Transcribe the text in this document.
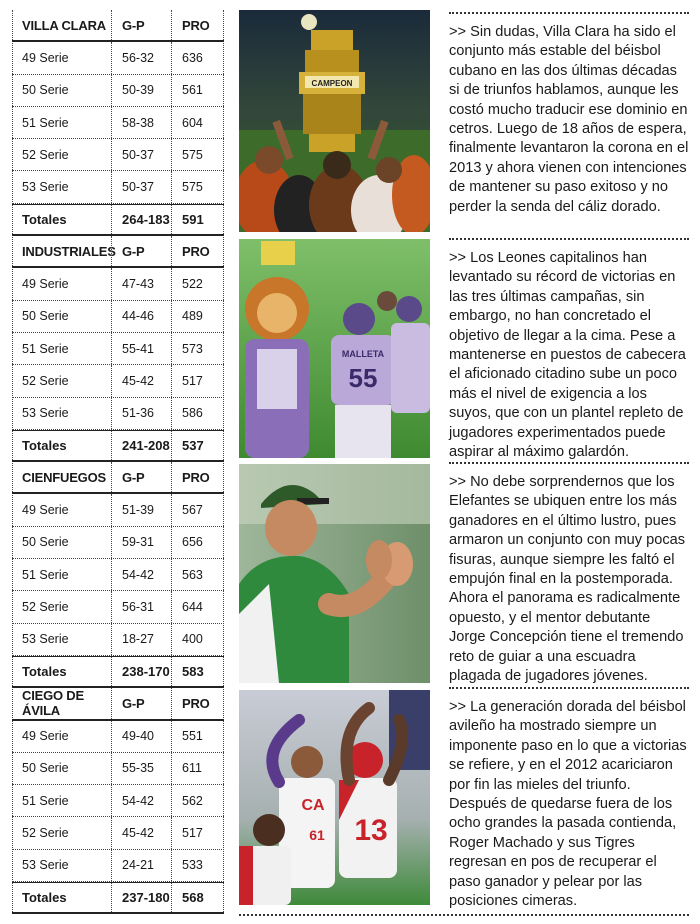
VILLA CLARA	G-P	PRO
49 Serie	56-32	636
50 Serie	50-39	561
51 Serie	58-38	604
52 Serie	50-37	575
53 Serie	50-37	575
Totales	264-183 591
INDUSTRIALES G-P	PRO
49 Serie	47-43	522
50 Serie	44-46	489
51 Serie	55-41	573
52 Serie	45-42	517
53 Serie	51-36	586
Totales	241-208 537
CIENFUEGOS	G-P	PRO
49 Serie	51-39	567
50 Serie	59-31	656
51 Serie	54-42	563
52 Serie	56-31	644
53 Serie	18-27	400
Totales	238-170 583
CIEGO DE ÁVILA	G-P	PRO
49 Serie	49-40	551
50 Serie	55-35	611
51 Serie	54-42	562
52 Serie	45-42	517
53 Serie	24-21	533
Totales	237-180 568
CAMPEON
MALLETA
55
13
CA
61

>> Sin dudas, Villa Clara ha sido el conjunto más estable del béisbol cubano en las dos últimas décadas si de triunfos hablamos, aunque les costó mucho traducir ese dominio en cetros. Luego de 18 años de espera, finalmente levantaron la corona en el 2013 y ahora vienen con intenciones de mantener su paso exitoso y no perder la senda del cáliz dorado.

>> Los Leones capitalinos han levantado su récord de victorias en las tres últimas campañas, sin embargo, no han concretado el objetivo de llegar a la cima. Pese a mantenerse en puestos de cabecera el aficionado citadino sube un poco más el nivel de exigencia a los suyos, que con un plantel repleto de jugadores experimentados puede aspirar al máximo galardón.

>> No debe sorprendernos que los Elefantes se ubiquen entre los más ganadores en el último lustro, pues armaron un conjunto con muy pocas fisuras, aunque siempre les faltó el empujón final en la postemporada. Ahora el panorama es radicalmente opuesto, y el mentor debutante Jorge Concepción tiene el tremendo reto de guiar a una escuadra plagada de jugadores jóvenes.

>> La generación dorada del béisbol avileño ha mostrado siempre un imponente paso en lo que a victorias se refiere, y en el 2012 acariciaron por fin las mieles del triunfo. Después de quedarse fuera de los ocho grandes la pasada contienda, Roger Machado y sus Tigres regresan en pos de recuperar el paso ganador y pelear por las posiciones cimeras.
